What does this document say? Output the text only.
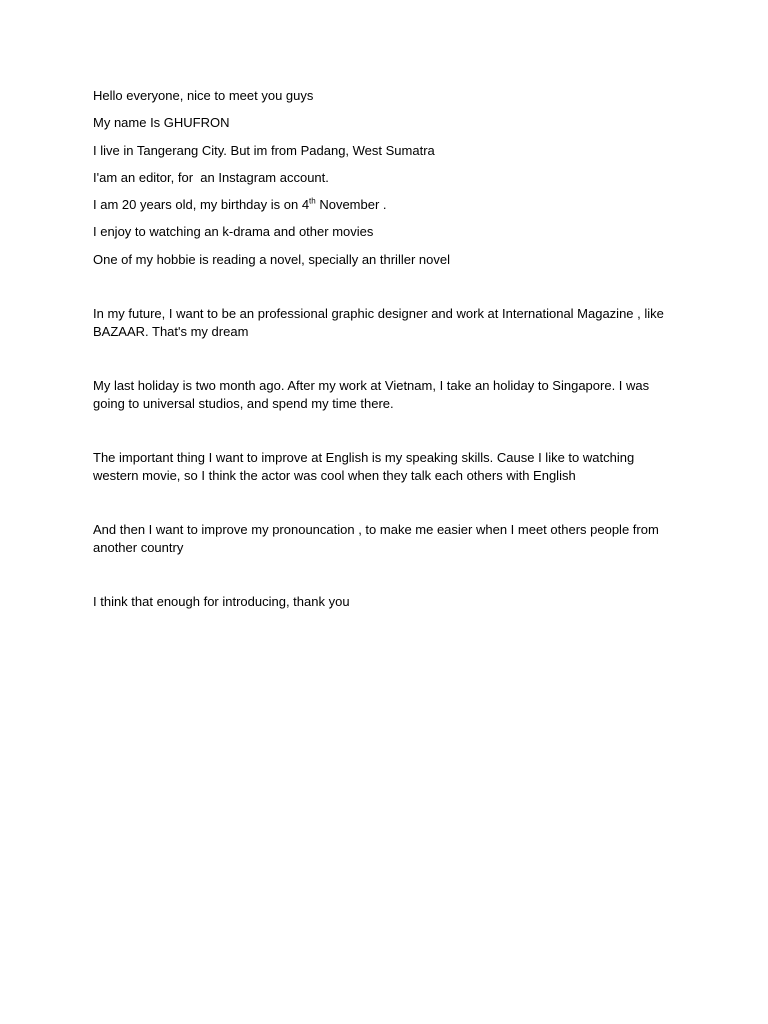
Hello everyone, nice to meet you guys

My name Is GHUFRON

I live in Tangerang City. But im from Padang, West Sumatra

I'am an editor, for  an Instagram account.

I am 20 years old, my birthday is on 4th November .

I enjoy to watching an k-drama and other movies

One of my hobbie is reading a novel, specially an thriller novel

In my future, I want to be an professional graphic designer and work at International Magazine , like BAZAAR. That's my dream

My last holiday is two month ago. After my work at Vietnam, I take an holiday to Singapore. I was going to universal studios, and spend my time there.

The important thing I want to improve at English is my speaking skills. Cause I like to watching western movie, so I think the actor was cool when they talk each others with English

And then I want to improve my pronouncation , to make me easier when I meet others people from another country

I think that enough for introducing, thank you
